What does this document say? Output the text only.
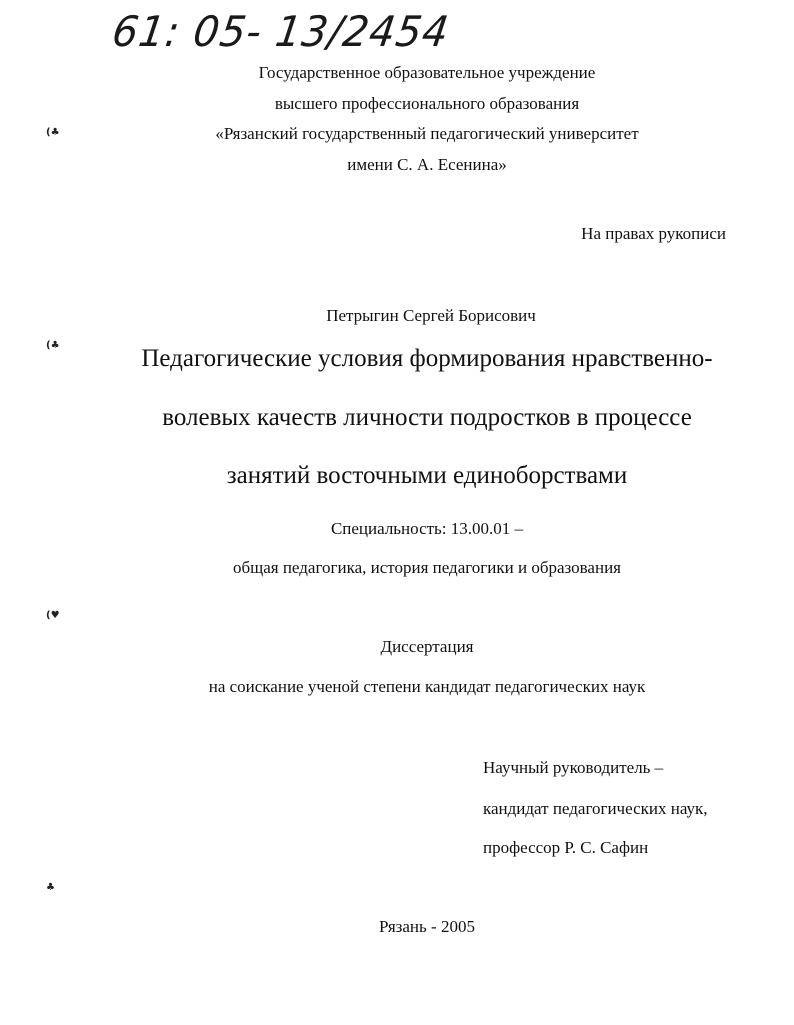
61: 05- 13/2454
Государственное образовательное учреждение
высшего профессионального образования
«Рязанский государственный педагогический университет
имени С. А. Есенина»
На правах рукописи
Петрыгин Сергей Борисович
Педагогические условия формирования нравственно-
волевых качеств личности подростков в процессе
занятий восточными единоборствами
Специальность: 13.00.01 –
общая педагогика, история педагогики и образования
Диссертация
на соискание ученой степени кандидат педагогических наук
Научный руководитель –
кандидат педагогических наук,
профессор Р. С. Сафин
Рязань - 2005
(♣
(♣
(♥
♣
